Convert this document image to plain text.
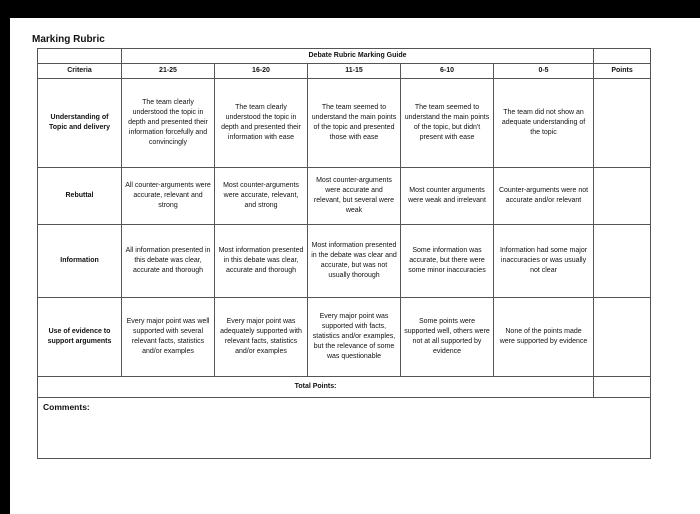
Marking Rubric
	Debate Rubric Marking Guide					
Criteria	21-25	16-20	11-15	6-10	0-5	Points
Understanding of Topic and delivery	The team clearly understood the topic in depth and presented their information forcefully and convincingly	The team clearly understood the topic in depth and presented their information with ease	The team seemed to understand the main points of the topic and presented those with ease	The team seemed to understand the main points of the topic, but didn't present with ease	The team did not show an adequate understanding of the topic	
Rebuttal	All counter-arguments were accurate, relevant and strong	Most counter-arguments were accurate, relevant, and strong	Most counter-arguments were accurate and relevant, but several were weak	Most counter arguments were weak and irrelevant	Counter-arguments were not accurate and/or relevant	
Information	All information presented in this debate was clear, accurate and thorough	Most information presented in this debate was clear, accurate and thorough	Most information presented in the debate was clear and accurate, but was not usually thorough	Some information was accurate, but there were some minor inaccuracies	Information had some major inaccuracies or was usually not clear	
Use of evidence to support arguments	Every major point was well supported with several relevant facts, statistics and/or examples	Every major point was adequately supported with relevant facts, statistics and/or examples	Every major point was supported with facts, statistics and/or examples, but the relevance of some was questionable	Some points were supported well, others were not at all supported by evidence	None of the points made were supported by evidence	
Total Points:						
Comments:						
